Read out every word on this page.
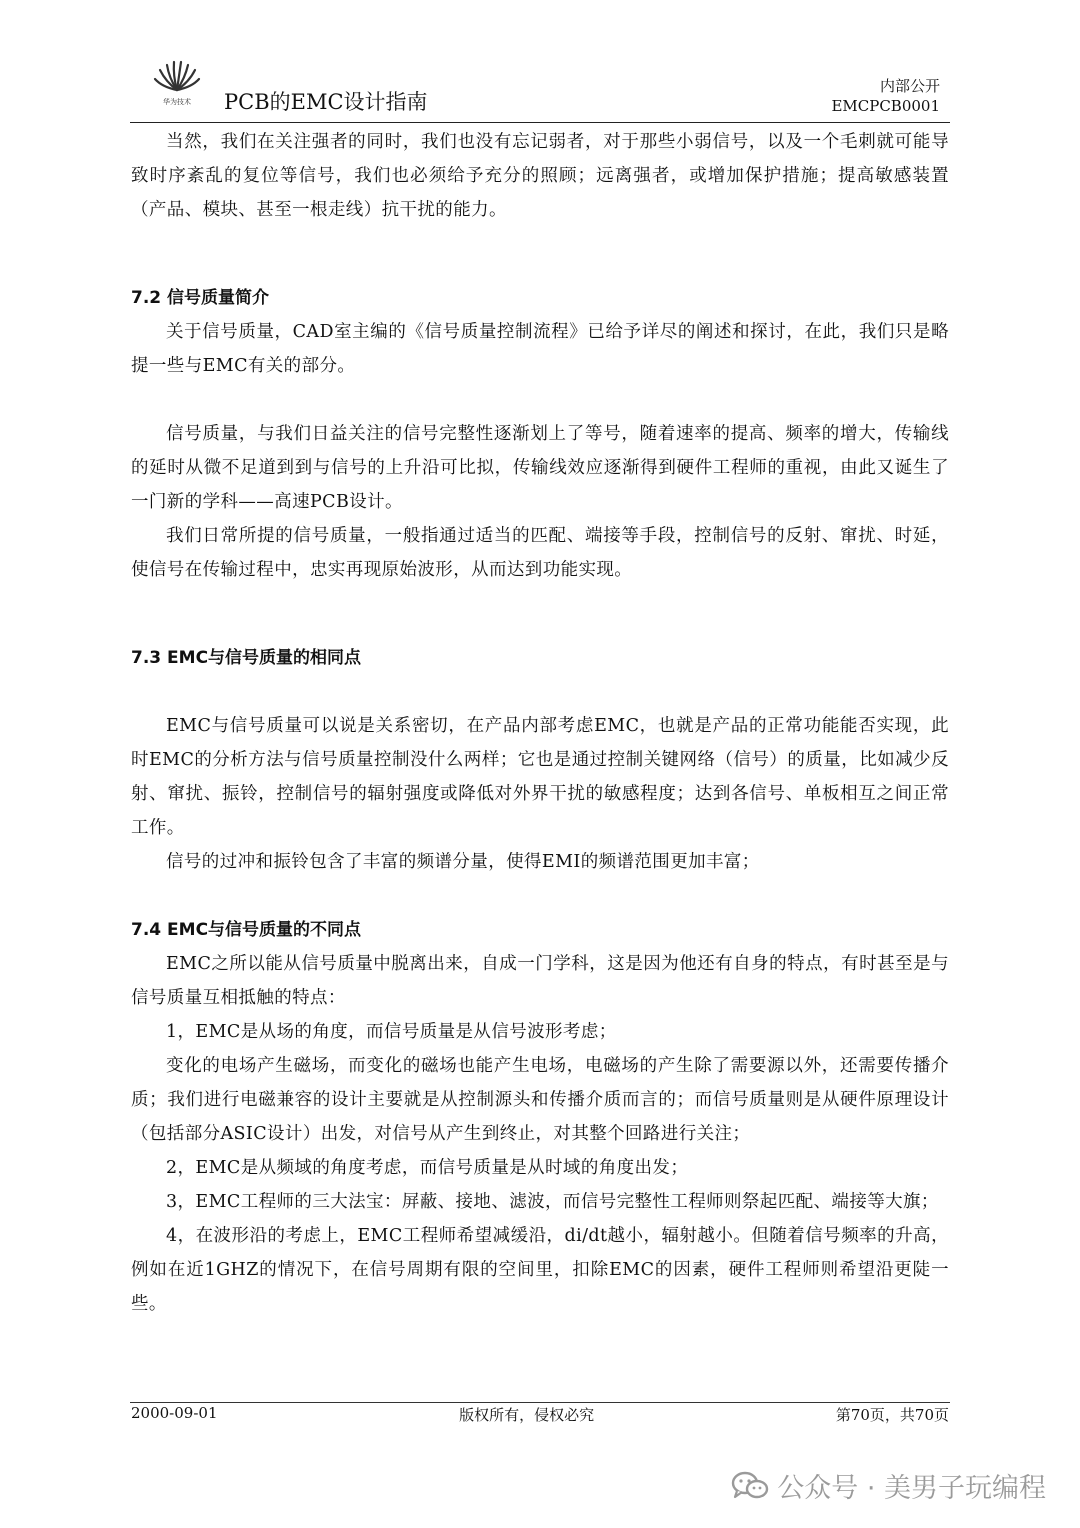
华为技术 PCB的EMC设计指南
内部公开
EMCPCB0001

当然，我们在关注强者的同时，我们也没有忘记弱者，对于那些小弱信号，以及一个毛刺就可能导致时序紊乱的复位等信号，我们也必须给予充分的照顾；远离强者，或增加保护措施；提高敏感装置（产品、模块、甚至一根走线）抗干扰的能力。

7.2 信号质量简介

关于信号质量，CAD室主编的《信号质量控制流程》已给予详尽的阐述和探讨，在此，我们只是略提一些与EMC有关的部分。

信号质量，与我们日益关注的信号完整性逐渐划上了等号，随着速率的提高、频率的增大，传输线的延时从微不足道到到与信号的上升沿可比拟，传输线效应逐渐得到硬件工程师的重视，由此又诞生了一门新的学科——高速PCB设计。

我们日常所提的信号质量，一般指通过适当的匹配、端接等手段，控制信号的反射、窜扰、时延，使信号在传输过程中，忠实再现原始波形，从而达到功能实现。

7.3 EMC与信号质量的相同点

EMC与信号质量可以说是关系密切，在产品内部考虑EMC，也就是产品的正常功能能否实现，此时EMC的分析方法与信号质量控制没什么两样；它也是通过控制关键网络（信号）的质量，比如减少反射、窜扰、振铃，控制信号的辐射强度或降低对外界干扰的敏感程度；达到各信号、单板相互之间正常工作。

信号的过冲和振铃包含了丰富的频谱分量，使得EMI的频谱范围更加丰富；

7.4 EMC与信号质量的不同点

EMC之所以能从信号质量中脱离出来，自成一门学科，这是因为他还有自身的特点，有时甚至是与信号质量互相抵触的特点：

1，EMC是从场的角度，而信号质量是从信号波形考虑；

变化的电场产生磁场，而变化的磁场也能产生电场，电磁场的产生除了需要源以外，还需要传播介质；我们进行电磁兼容的设计主要就是从控制源头和传播介质而言的；而信号质量则是从硬件原理设计（包括部分ASIC设计）出发，对信号从产生到终止，对其整个回路进行关注；

2，EMC是从频域的角度考虑，而信号质量是从时域的角度出发；

3，EMC工程师的三大法宝：屏蔽、接地、滤波，而信号完整性工程师则祭起匹配、端接等大旗；

4，在波形沿的考虑上，EMC工程师希望减缓沿，di/dt越小，辐射越小。但随着信号频率的升高，例如在近1GHZ的情况下，在信号周期有限的空间里，扣除EMC的因素，硬件工程师则希望沿更陡一些。

2000-09-01	版权所有，侵权必究	第70页，共70页
公众号 · 美男子玩编程
